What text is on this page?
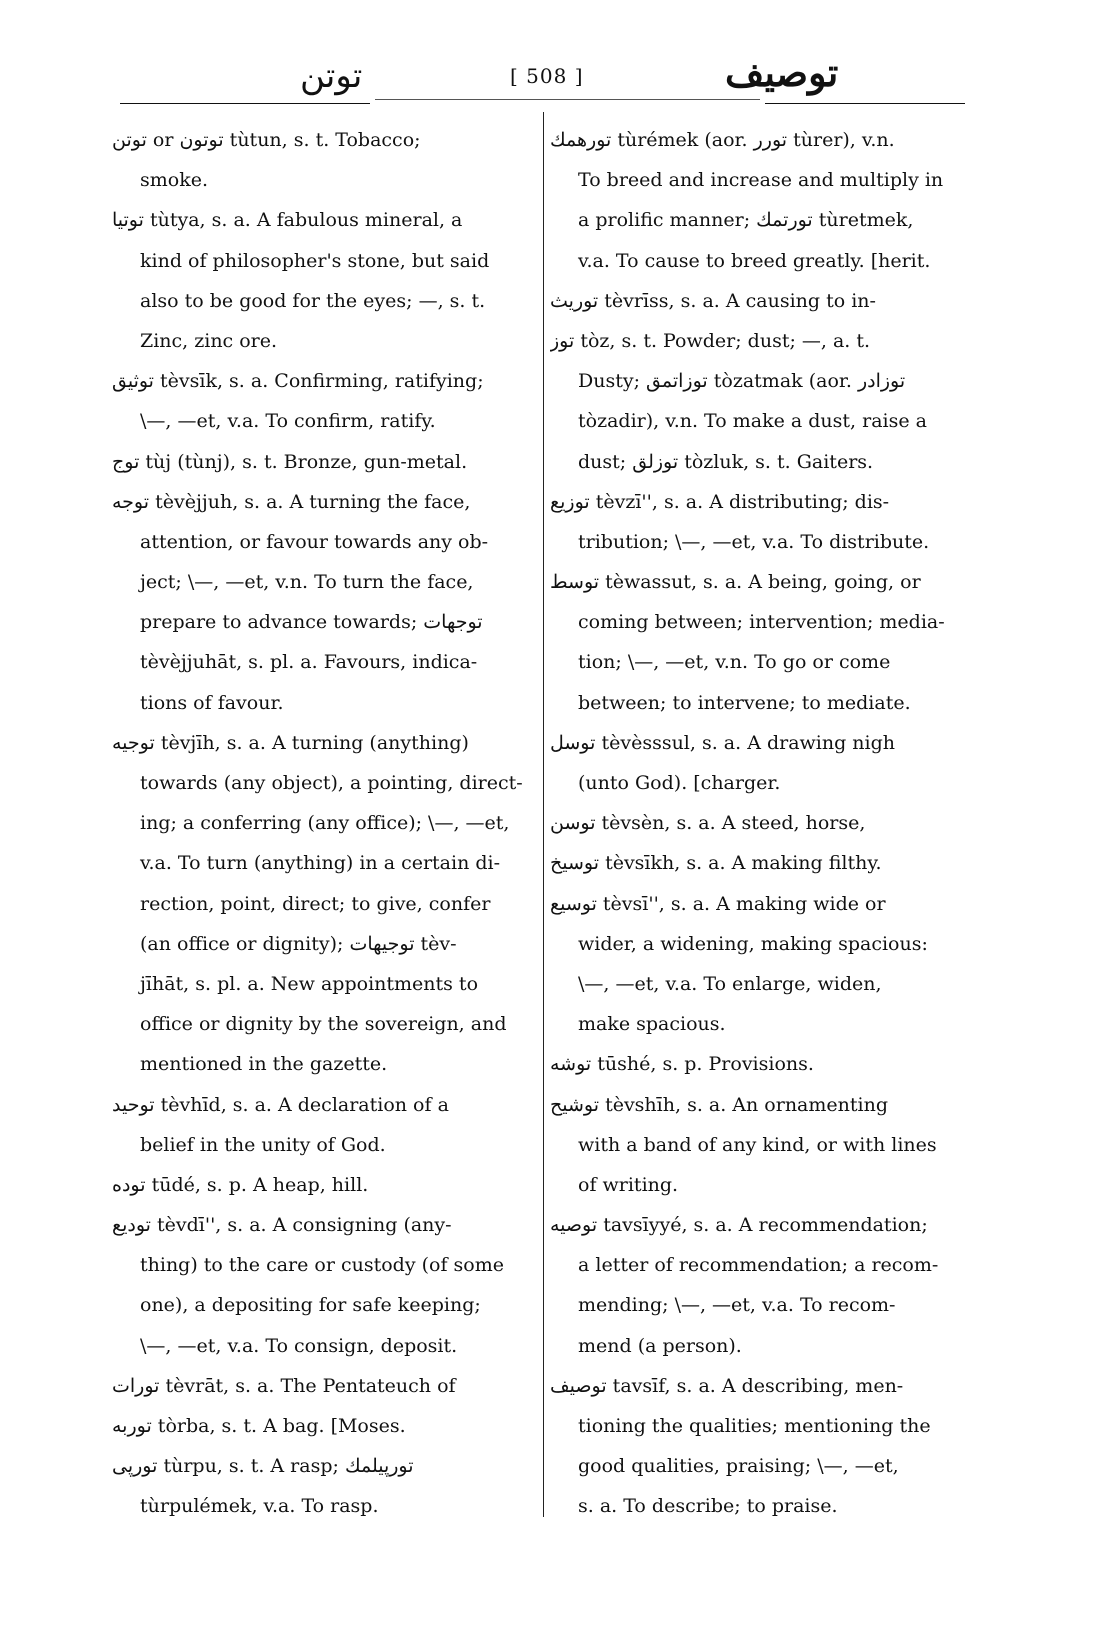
توتن	[ 508 ]	توصيف
توتن or توتون tùtun, s. t. Tobacco;
smoke.
توتيا tùtya, s. a. A fabulous mineral, a
kind of philosopher's stone, but said
also to be good for the eyes; —, s. t.
Zinc, zinc ore.
توثيق tèvsīk, s. a. Confirming, ratifying;
\—, —et, v.a. To confirm, ratify.
توج tùj (tùnj), s. t. Bronze, gun-metal.
توجه tèvèjjuh, s. a. A turning the face,
attention, or favour towards any ob-
ject; \—, —et, v.n. To turn the face,
prepare to advance towards; توجهات
tèvèjjuhāt, s. pl. a. Favours, indica-
tions of favour.
توجيه tèvjīh, s. a. A turning (anything)
towards (any object), a pointing, direct-
ing; a conferring (any office); \—, —et,
v.a. To turn (anything) in a certain di-
rection, point, direct; to give, confer
(an office or dignity); توجيهات tèv-
jīhāt, s. pl. a. New appointments to
office or dignity by the sovereign, and
mentioned in the gazette.
توحيد tèvhīd, s. a. A declaration of a
belief in the unity of God.
توده tūdé, s. p. A heap, hill.
توديع tèvdī'', s. a. A consigning (any-
thing) to the care or custody (of some
one), a depositing for safe keeping;
\—, —et, v.a. To consign, deposit.
تورات tèvrāt, s. a. The Pentateuch of
توربه tòrba, s. t. A bag. [Moses.
تورپى tùrpu, s. t. A rasp; تورپيلمك
tùrpulémek, v.a. To rasp.
تورهمك tùrémek (aor. تورر tùrer), v.n.
To breed and increase and multiply in
a prolific manner; تورتمك tùretmek,
v.a. To cause to breed greatly. [herit.
توريث tèvrīss, s. a. A causing to in-
توز tòz, s. t. Powder; dust; —, a. t.
Dusty; توزاتمق tòzatmak (aor. توزادر
tòzadir), v.n. To make a dust, raise a
dust; توزلق tòzluk, s. t. Gaiters.
توزيع tèvzī'', s. a. A distributing; dis-
tribution; \—, —et, v.a. To distribute.
توسط tèwassut, s. a. A being, going, or
coming between; intervention; media-
tion; \—, —et, v.n. To go or come
between; to intervene; to mediate.
توسل tèvèsssul, s. a. A drawing nigh
(unto God). [charger.
توسن tèvsèn, s. a. A steed, horse,
توسيخ tèvsīkh, s. a. A making filthy.
توسيع tèvsī'', s. a. A making wide or
wider, a widening, making spacious:
\—, —et, v.a. To enlarge, widen,
make spacious.
توشه tūshé, s. p. Provisions.
توشيح tèvshīh, s. a. An ornamenting
with a band of any kind, or with lines
of writing.
توصيه tavsīyyé, s. a. A recommendation;
a letter of recommendation; a recom-
mending; \—, —et, v.a. To recom-
mend (a person).
توصيف tavsīf, s. a. A describing, men-
tioning the qualities; mentioning the
good qualities, praising; \—, —et,
s. a. To describe; to praise.
